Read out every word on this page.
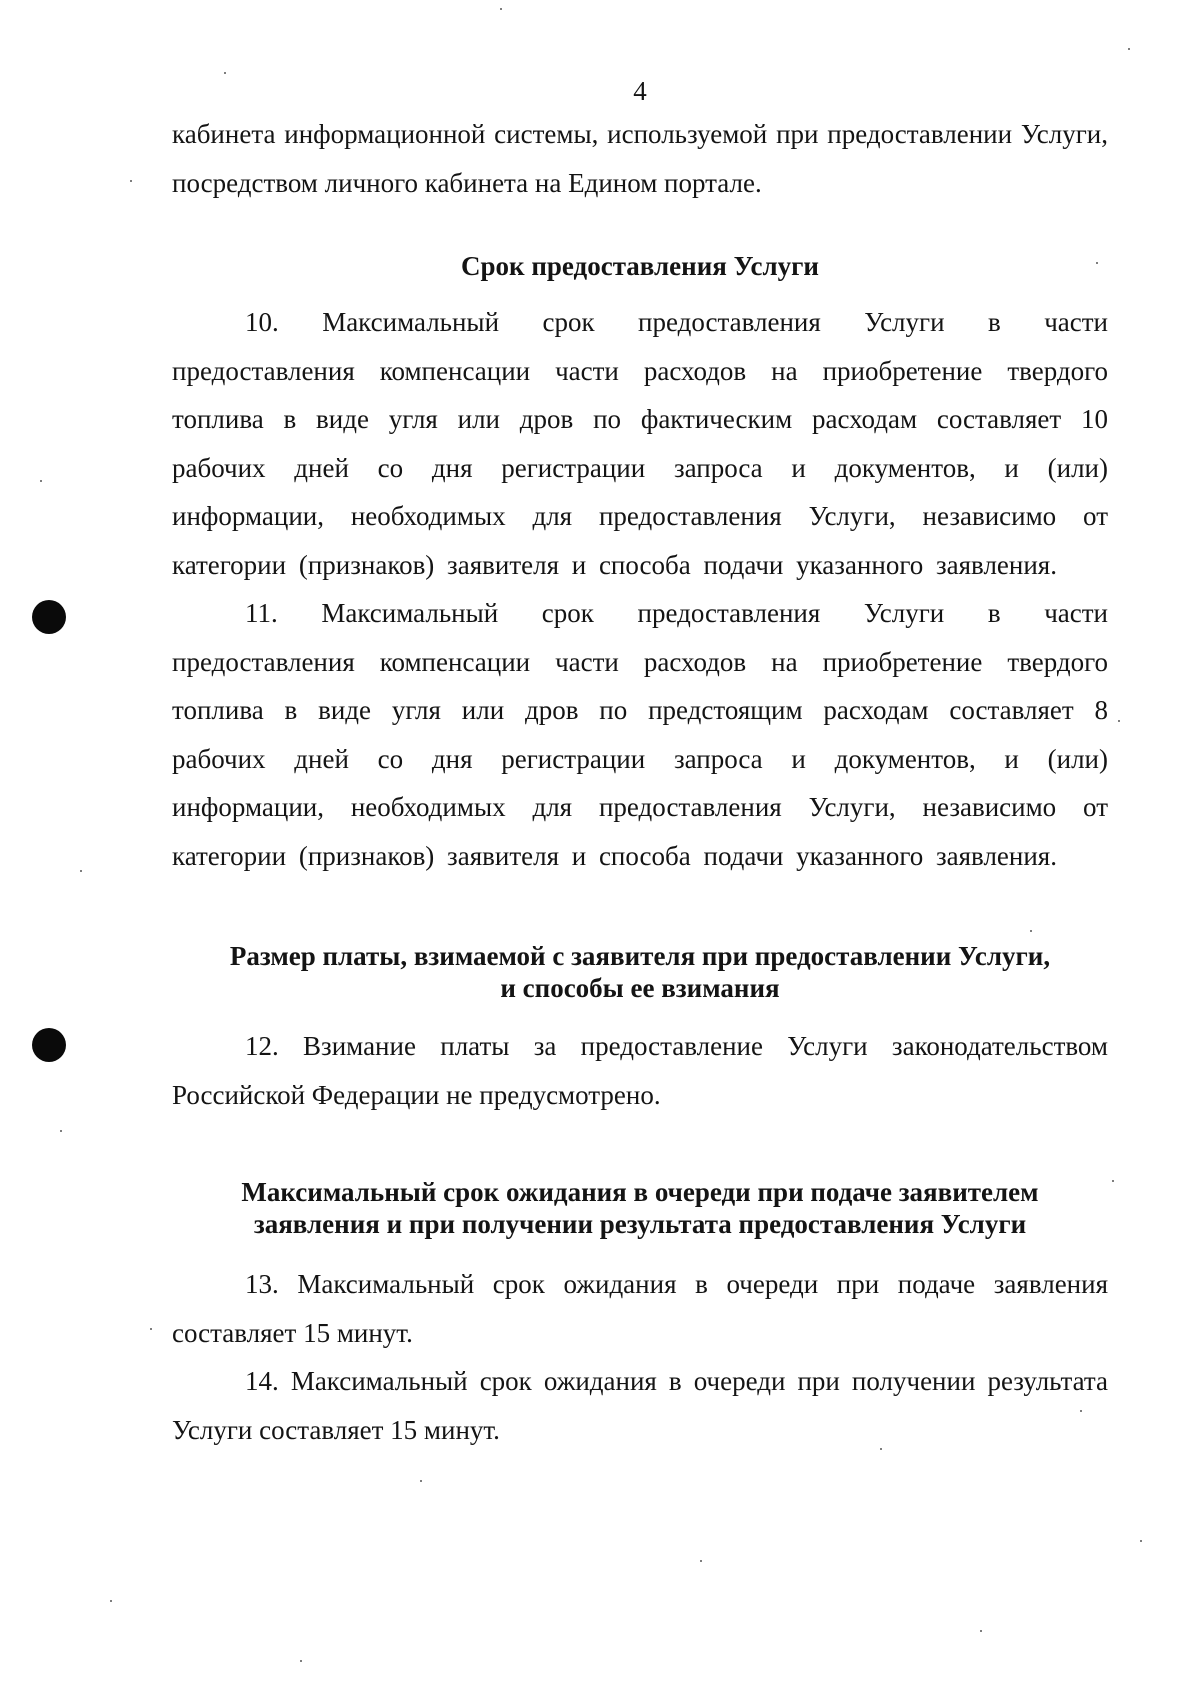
4

кабинета информационной системы, используемой при предоставлении Услуги, посредством личного кабинета на Едином портале.

Срок предоставления Услуги

10. Максимальный срок предоставления Услуги в части предоставления компенсации части расходов на приобретение твердого топлива в виде угля или дров по фактическим расходам составляет 10 рабочих дней со дня регистрации запроса и документов, и (или) информации, необходимых для предоставления Услуги, независимо от категории (признаков) заявителя и способа подачи указанного заявления.

11. Максимальный срок предоставления Услуги в части предоставления компенсации части расходов на приобретение твердого топлива в виде угля или дров по предстоящим расходам составляет 8 рабочих дней со дня регистрации запроса и документов, и (или) информации, необходимых для предоставления Услуги, независимо от категории (признаков) заявителя и способа подачи указанного заявления.

Размер платы, взимаемой с заявителя при предоставлении Услуги,
и способы ее взимания

12. Взимание платы за предоставление Услуги законодательством Российской Федерации не предусмотрено.

Максимальный срок ожидания в очереди при подаче заявителем
заявления и при получении результата предоставления Услуги

13. Максимальный срок ожидания в очереди при подаче заявления составляет 15 минут.

14. Максимальный срок ожидания в очереди при получении результата Услуги составляет 15 минут.
